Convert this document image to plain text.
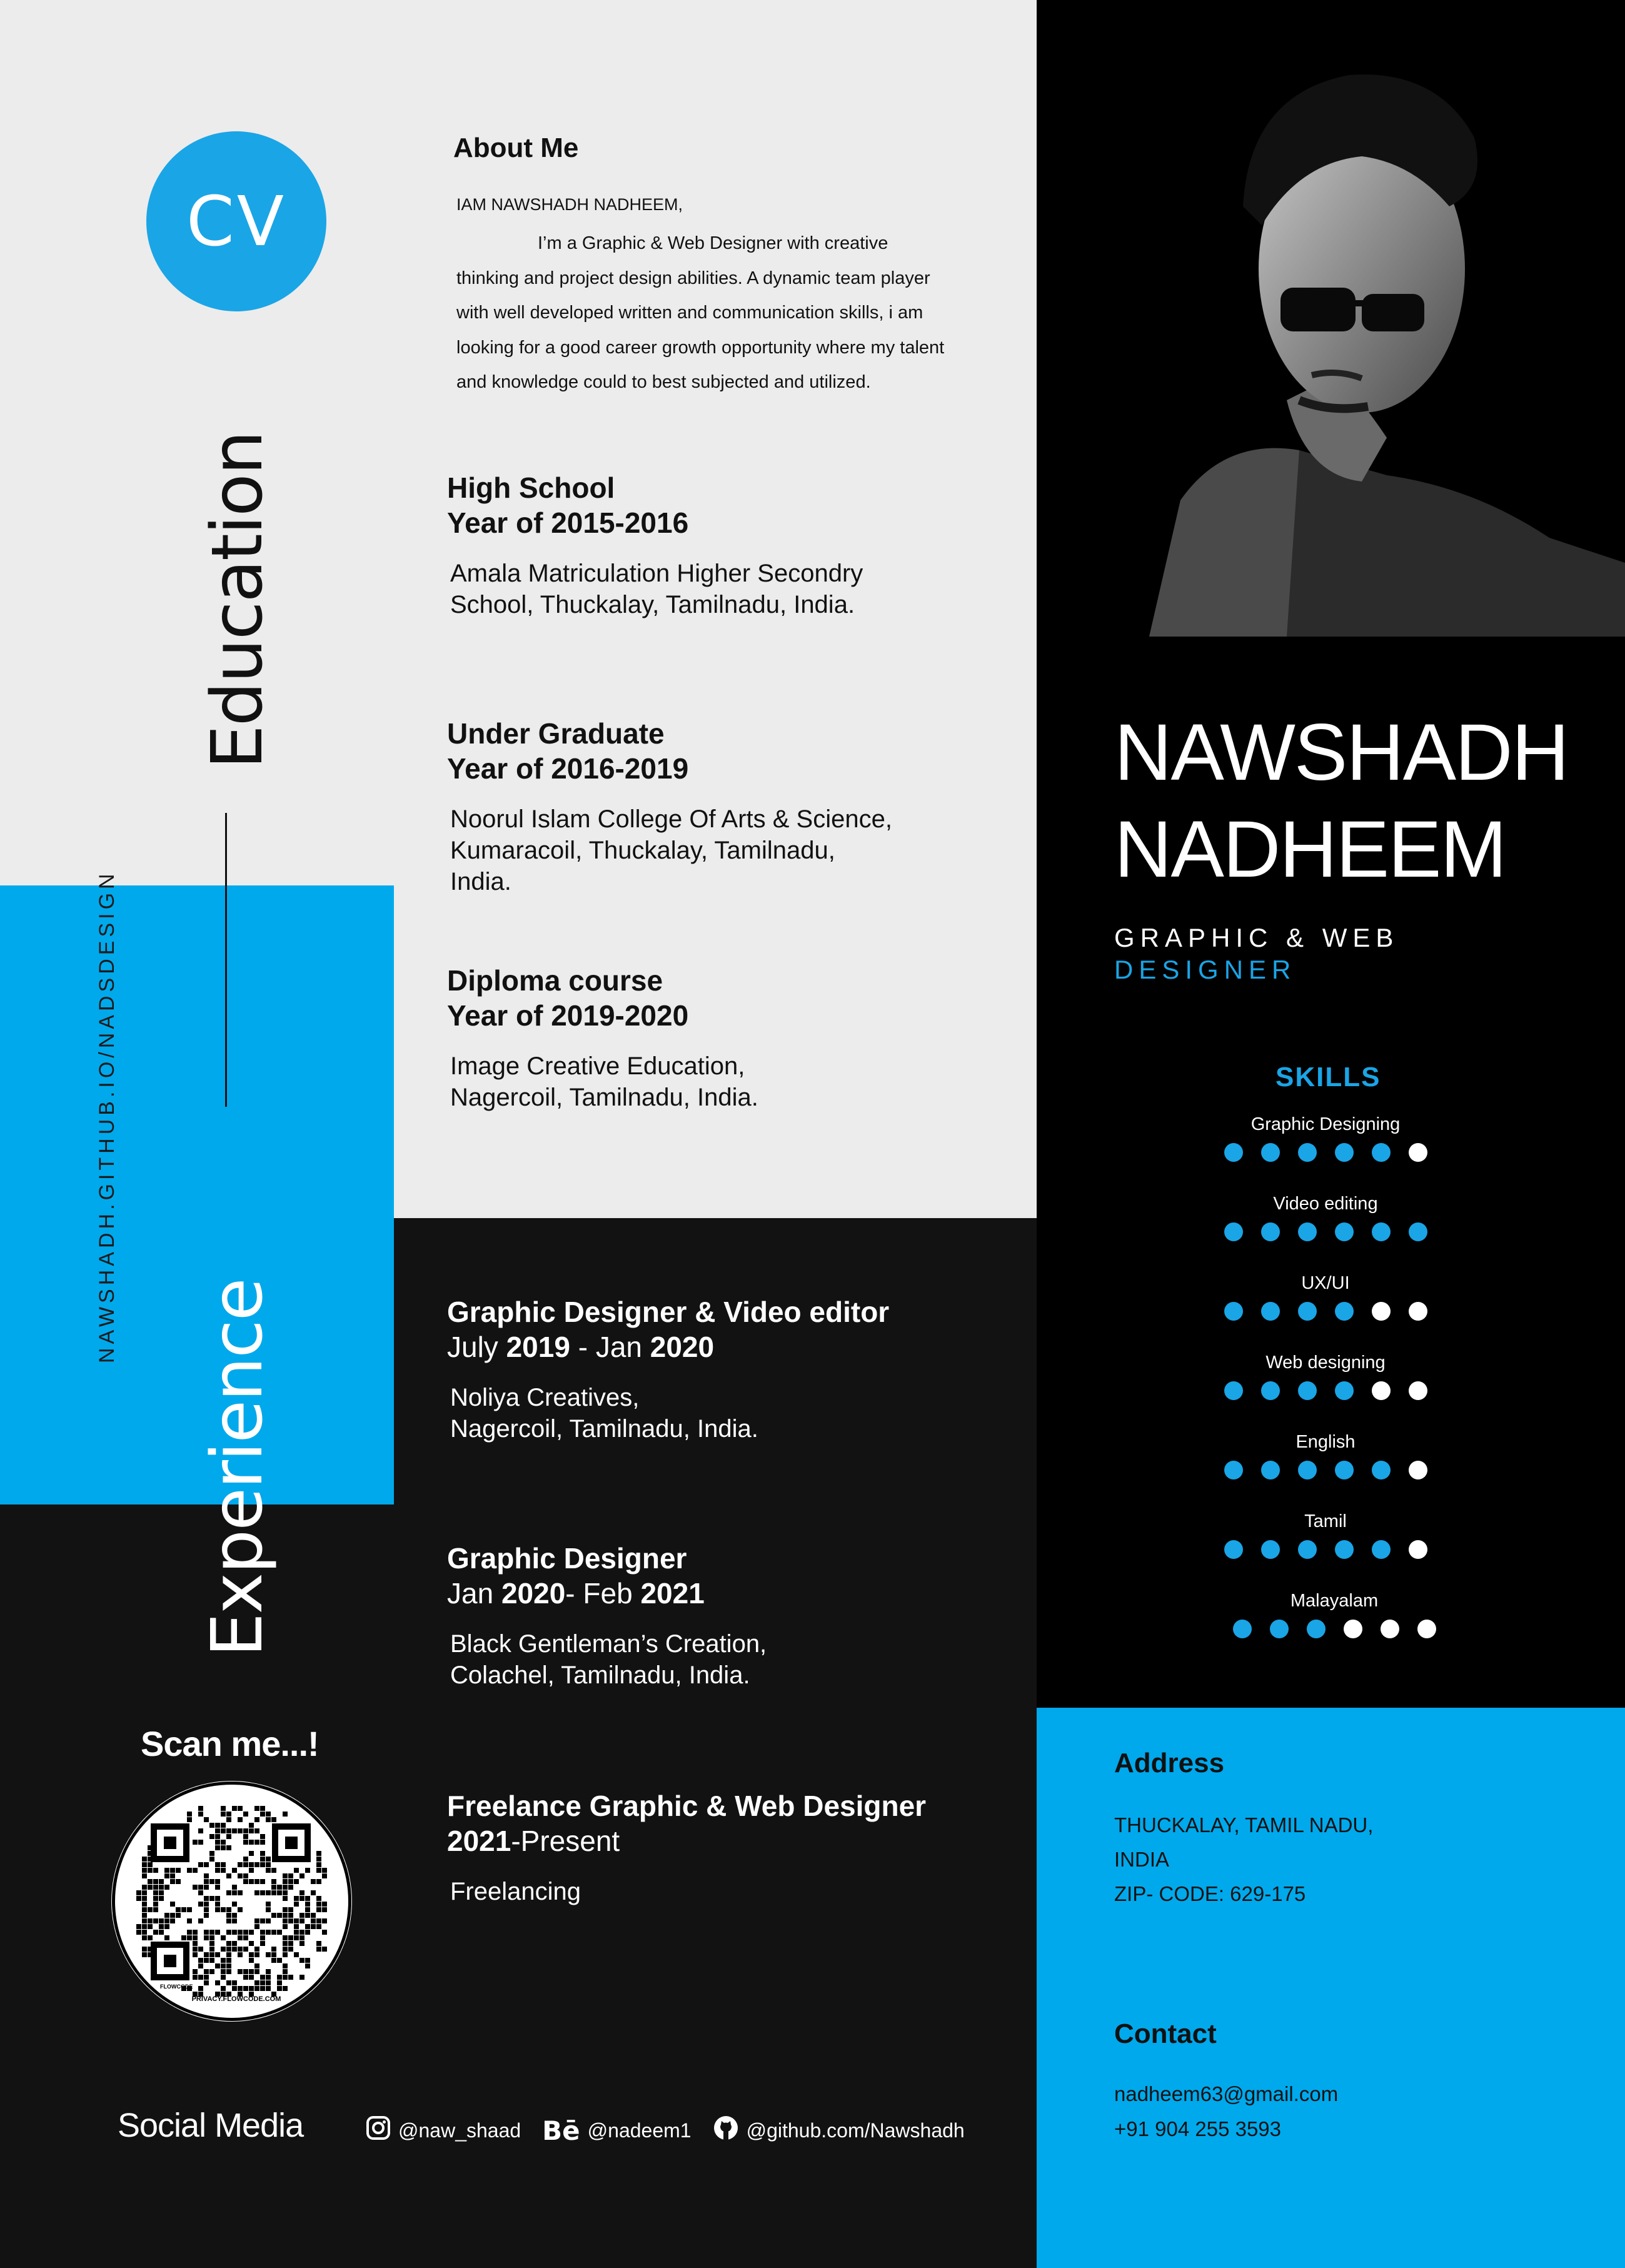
CV
Education
NAWSHADH.GITHUB.IO/NADSDESIGN
Experience
About Me
IAM NAWSHADH NADHEEM,
I’m a Graphic & Web Designer with creative thinking and project design abilities. A dynamic team player with well developed written and communication skills, i am looking for a good career growth opportunity where my talent and knowledge could to best subjected and utilized.
High School
Year of 2015-2016
Amala Matriculation Higher Secondry
School, Thuckalay, Tamilnadu, India.
Under Graduate
Year of 2016-2019
Noorul Islam College Of Arts & Science,
Kumaracoil, Thuckalay, Tamilnadu,
India.
Diploma course
Year of 2019-2020
Image Creative Education,
Nagercoil, Tamilnadu, India.
Graphic Designer & Video editor
July 2019 - Jan 2020
Noliya Creatives,
Nagercoil, Tamilnadu, India.
Graphic Designer
Jan 2020- Feb 2021
Black Gentleman’s Creation,
Colachel, Tamilnadu, India.
Freelance Graphic & Web Designer
2021-Present
Freelancing
Scan me...!
PRIVACY.FLOWCODE.COM
FLOWCODE
Social Media	@naw_shaad Bē @nadeem1	@github.com/Nawshadh
NAWSHADH
NADHEEM
GRAPHIC & WEB
DESIGNER
SKILLS
Graphic Designing
Video editing
UX/UI
Web designing
English
Tamil
Malayalam
Address
THUCKALAY, TAMIL NADU,
INDIA
ZIP- CODE: 629-175
Contact
nadheem63@gmail.com
+91 904 255 3593
